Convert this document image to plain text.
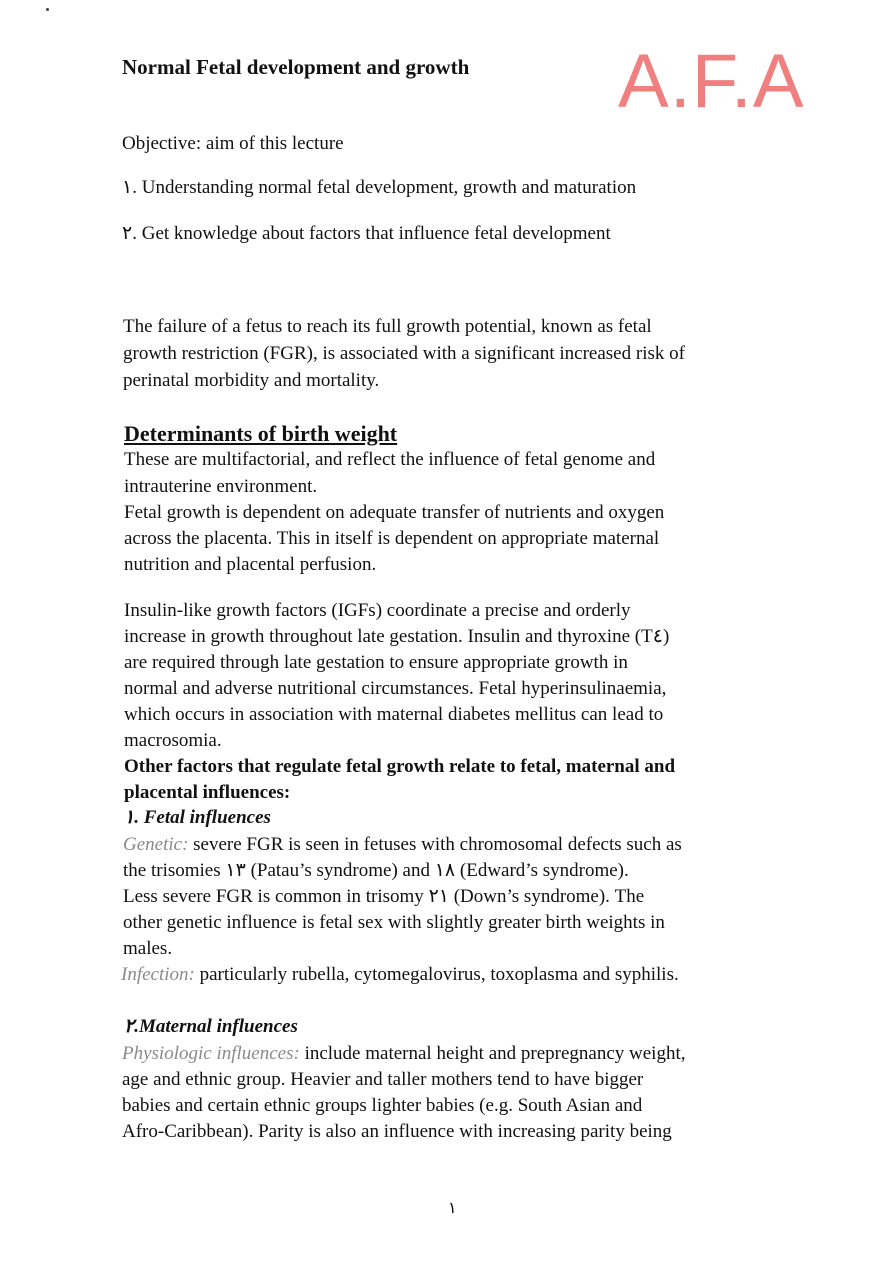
Normal Fetal development and growth A.F.A
Objective: aim of this lecture
١. Understanding normal fetal development, growth and maturation
٢. Get knowledge about factors that influence fetal development
The failure of a fetus to reach its full growth potential, known as fetal
growth restriction (FGR), is associated with a significant increased risk of
perinatal morbidity and mortality.
Determinants of birth weight
These are multifactorial, and reflect the influence of fetal genome and
intrauterine environment.
Fetal growth is dependent on adequate transfer of nutrients and oxygen
across the placenta. This in itself is dependent on appropriate maternal
nutrition and placental perfusion.
Insulin-like growth factors (IGFs) coordinate a precise and orderly
increase in growth throughout late gestation. Insulin and thyroxine (T٤)
are required through late gestation to ensure appropriate growth in
normal and adverse nutritional circumstances. Fetal hyperinsulinaemia,
which occurs in association with maternal diabetes mellitus can lead to
macrosomia.
Other factors that regulate fetal growth relate to fetal, maternal and
placental influences:
١. Fetal influences
Genetic: severe FGR is seen in fetuses with chromosomal defects such as
the trisomies ١٣ (Patau’s syndrome) and ١٨ (Edward’s syndrome).
Less severe FGR is common in trisomy ٢١ (Down’s syndrome). The
other genetic influence is fetal sex with slightly greater birth weights in
males.
Infection: particularly rubella, cytomegalovirus, toxoplasma and syphilis.
٢.Maternal influences
Physiologic influences: include maternal height and prepregnancy weight,
age and ethnic group. Heavier and taller mothers tend to have bigger
babies and certain ethnic groups lighter babies (e.g. South Asian and
Afro-Caribbean). Parity is also an influence with increasing parity being
١
